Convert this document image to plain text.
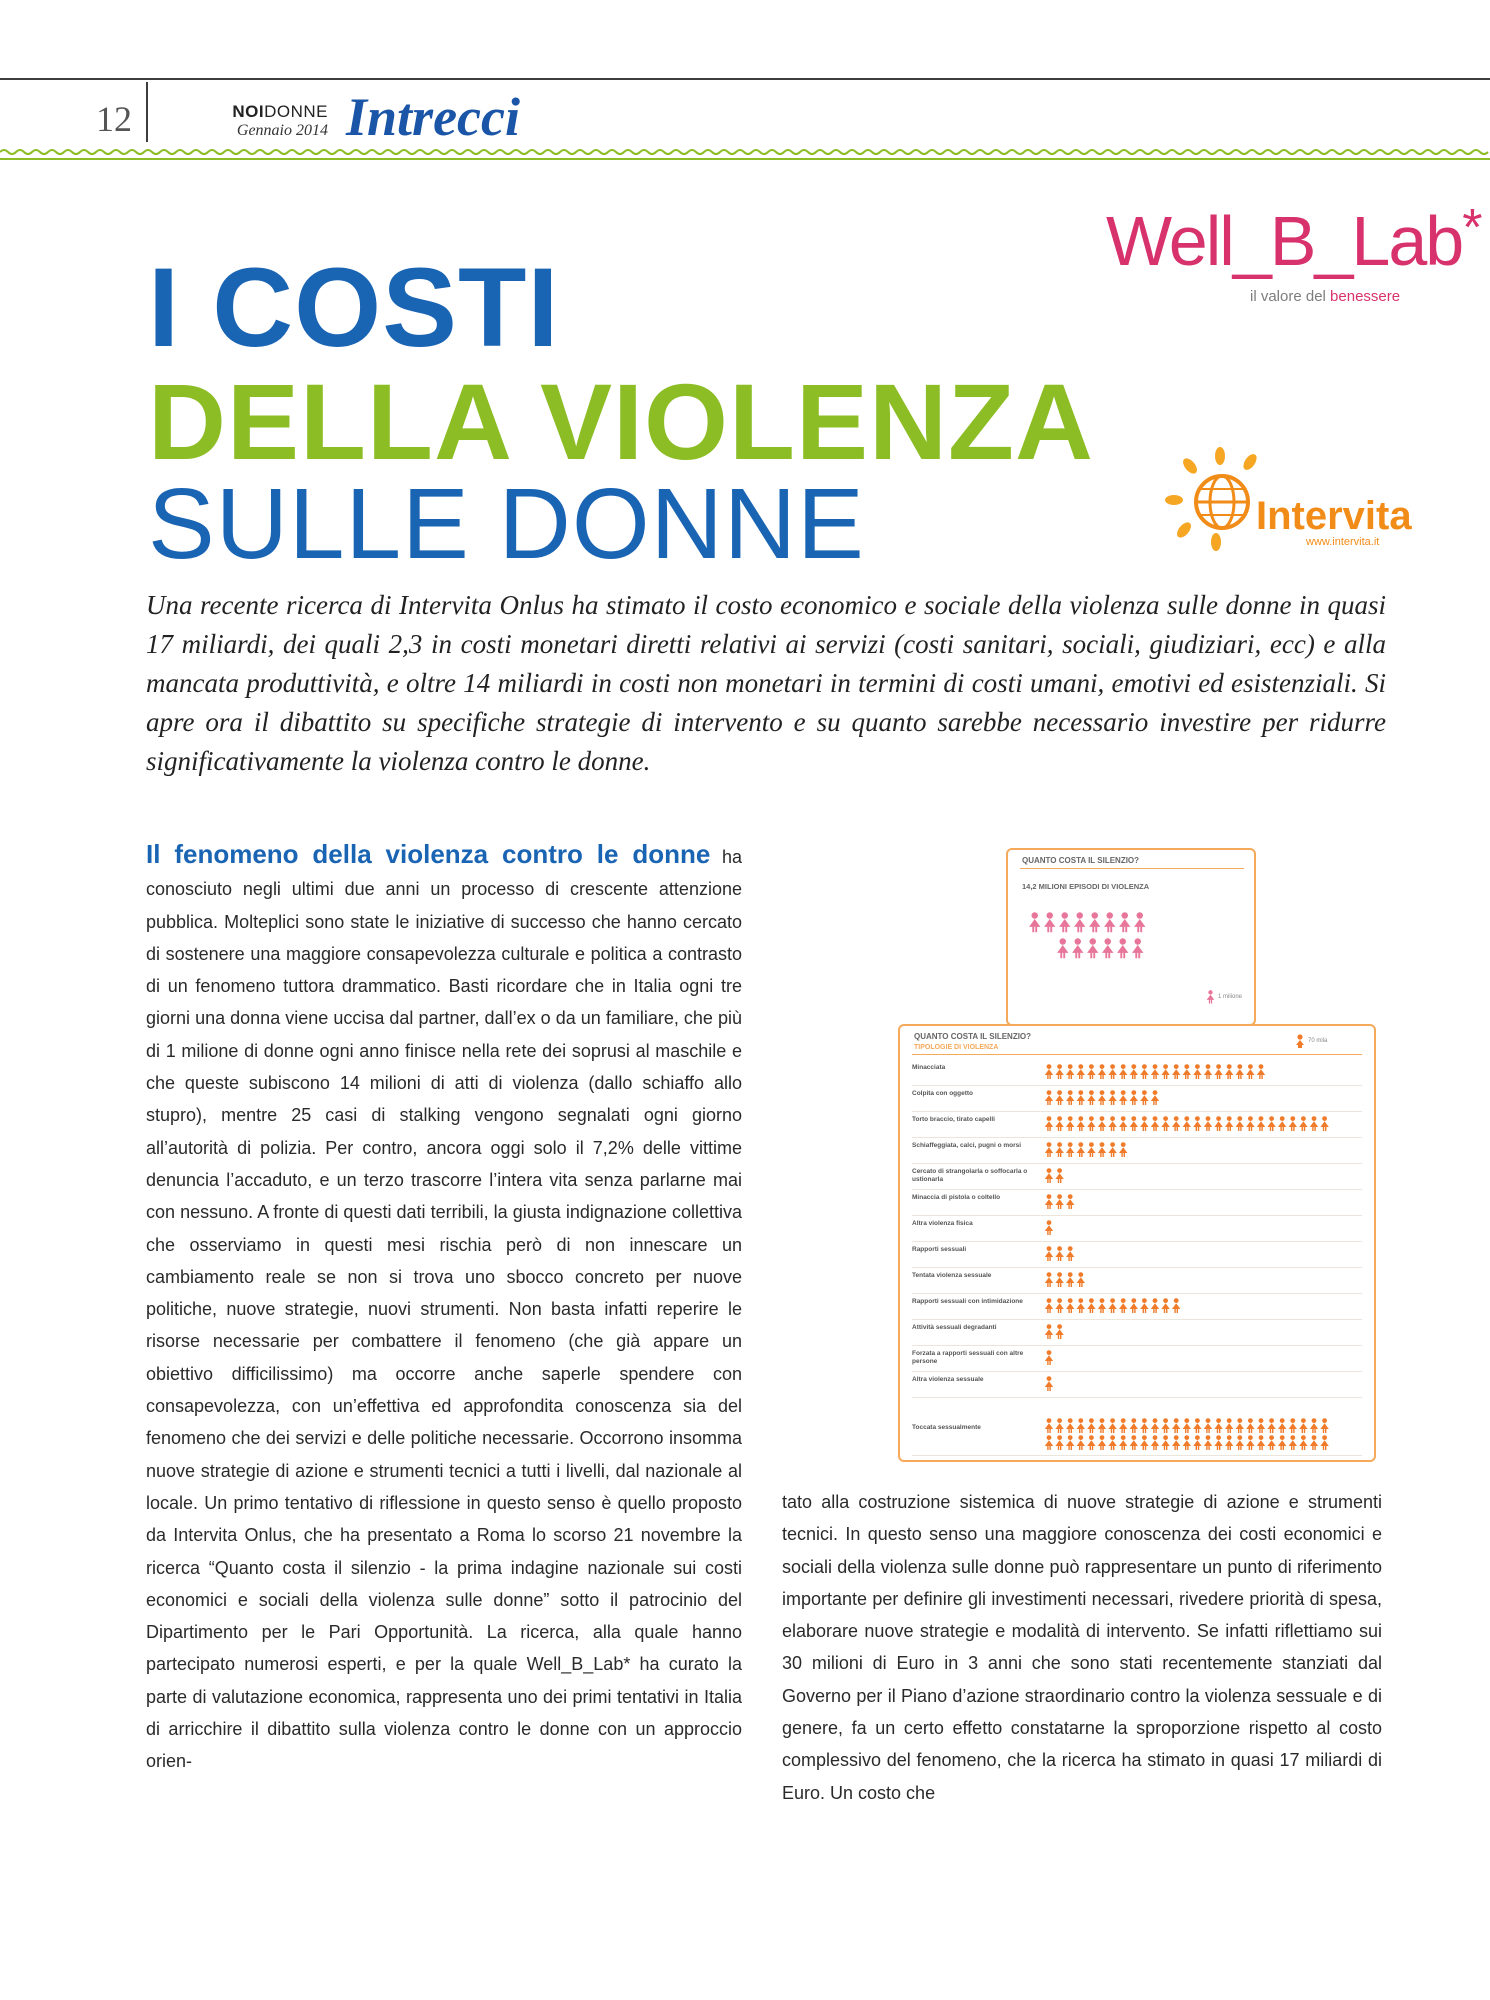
12	NOIDONNE
Gennaio 2014 Intrecci
Well_B_Lab*
il valore del benessere
Intervita
www.intervita.it
I COSTI
DELLA VIOLENZA
SULLE DONNE

Una recente ricerca di Intervita Onlus ha stimato il costo economico e sociale della violenza sulle donne in quasi 17 miliardi, dei quali 2,3 in costi monetari diretti relativi ai servizi (costi sanitari, sociali, giudiziari, ecc) e alla mancata produttività, e oltre 14 miliardi in costi non monetari in termini di costi umani, emotivi ed esistenziali. Si apre ora il dibattito su specifiche strategie di intervento e su quanto sarebbe necessario investire per ridurre significativamente la violenza contro le donne.

Il fenomeno della violenza contro le donne ha conosciuto negli ultimi due anni un processo di crescente attenzione pubblica. Molteplici sono state le iniziative di successo che hanno cercato di sostenere una maggiore consapevolezza culturale e politica a contrasto di un fenomeno tuttora drammatico. Basti ricordare che in Italia ogni tre giorni una donna viene uccisa dal partner, dall’ex o da un familiare, che più di 1 milione di donne ogni anno finisce nella rete dei soprusi al maschile e che queste subiscono 14 milioni di atti di violenza (dallo schiaffo allo stupro), mentre 25 casi di stalking vengono segnalati ogni giorno all’autorità di polizia. Per contro, ancora oggi solo il 7,2% delle vittime denuncia l’accaduto, e un terzo trascorre l’intera vita senza parlarne mai con nessuno. A fronte di questi dati terribili, la giusta indignazione collettiva che osserviamo in questi mesi rischia però di non innescare un cambiamento reale se non si trova uno sbocco concreto per nuove politiche, nuove strategie, nuovi strumenti. Non basta infatti reperire le risorse necessarie per combattere il fenomeno (che già appare un obiettivo difficilissimo) ma occorre anche saperle spendere con consapevolezza, con un’effettiva ed approfondita conoscenza sia del fenomeno che dei servizi e delle politiche necessarie. Occorrono insomma nuove strategie di azione e strumenti tecnici a tutti i livelli, dal nazionale al locale. Un primo tentativo di riflessione in questo senso è quello proposto da Intervita Onlus, che ha presentato a Roma lo scorso 21 novembre la ricerca “Quanto costa il silenzio - la prima indagine nazionale sui costi economici e sociali della violenza sulle donne” sotto il patrocinio del Dipartimento per le Pari Opportunità. La ricerca, alla quale hanno partecipato numerosi esperti, e per la quale Well_B_Lab* ha curato la parte di valutazione economica, rappresenta uno dei primi tentativi in Italia di arricchire il dibattito sulla violenza contro le donne con un approccio orien-

QUANTO COSTA IL SILENZIO?
14,2 MILIONI EPISODI DI VIOLENZA
1 milione
QUANTO COSTA IL SILENZIO?
TIPOLOGIE DI VIOLENZA
70 mila
Minacciata
Colpita con oggetto
Torto braccio, tirato capelli
Schiaffeggiata, calci, pugni o morsi
Cercato di strangolarla o soffocarla o ustionarla
Minaccia di pistola o coltello
Altra violenza fisica
Rapporti sessuali
Tentata violenza sessuale
Rapporti sessuali con intimidazione
Attività sessuali degradanti
Forzata a rapporti sessuali con altre persone
Altra violenza sessuale
Toccata sessualmente

tato alla costruzione sistemica di nuove strategie di azione e strumenti tecnici. In questo senso una maggiore conoscenza dei costi economici e sociali della violenza sulle donne può rappresentare un punto di riferimento importante per definire gli investimenti necessari, rivedere priorità di spesa, elaborare nuove strategie e modalità di intervento. Se infatti riflettiamo sui 30 milioni di Euro in 3 anni che sono stati recentemente stanziati dal Governo per il Piano d’azione straordinario contro la violenza sessuale e di genere, fa un certo effetto constatarne la sproporzione rispetto al costo complessivo del fenomeno, che la ricerca ha stimato in quasi 17 miliardi di Euro. Un costo che
